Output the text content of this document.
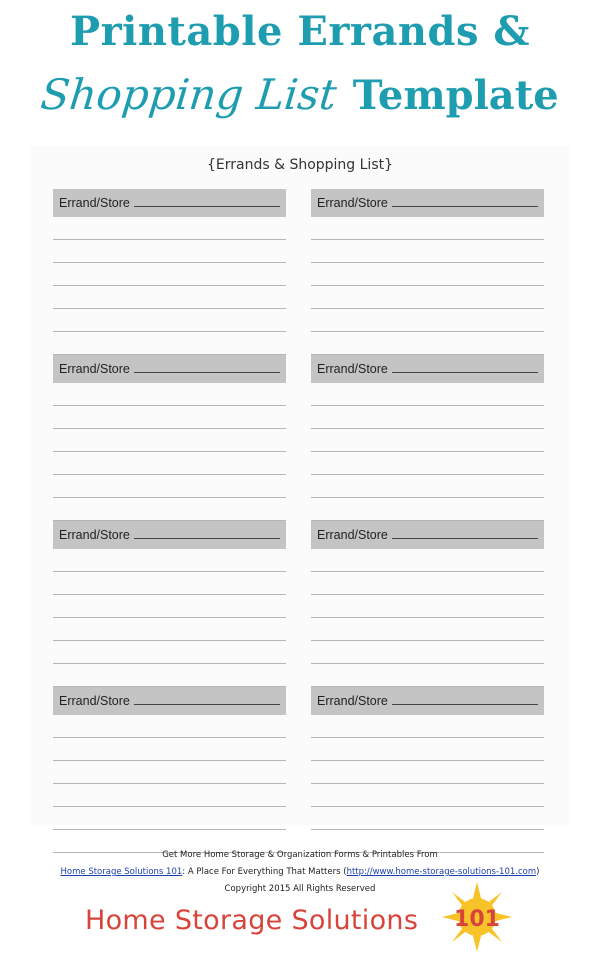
Printable Errands &
Shopping List Template
{Errands & Shopping List}
Errand/Store	Errand/Store
Errand/Store	Errand/Store
Errand/Store	Errand/Store
Errand/Store	Errand/Store
Get More Home Storage & Organization Forms & Printables From
Home Storage Solutions 101: A Place For Everything That Matters (http://www.home-storage-solutions-101.com)
Copyright 2015 All Rights Reserved
Home Storage Solutions 101
